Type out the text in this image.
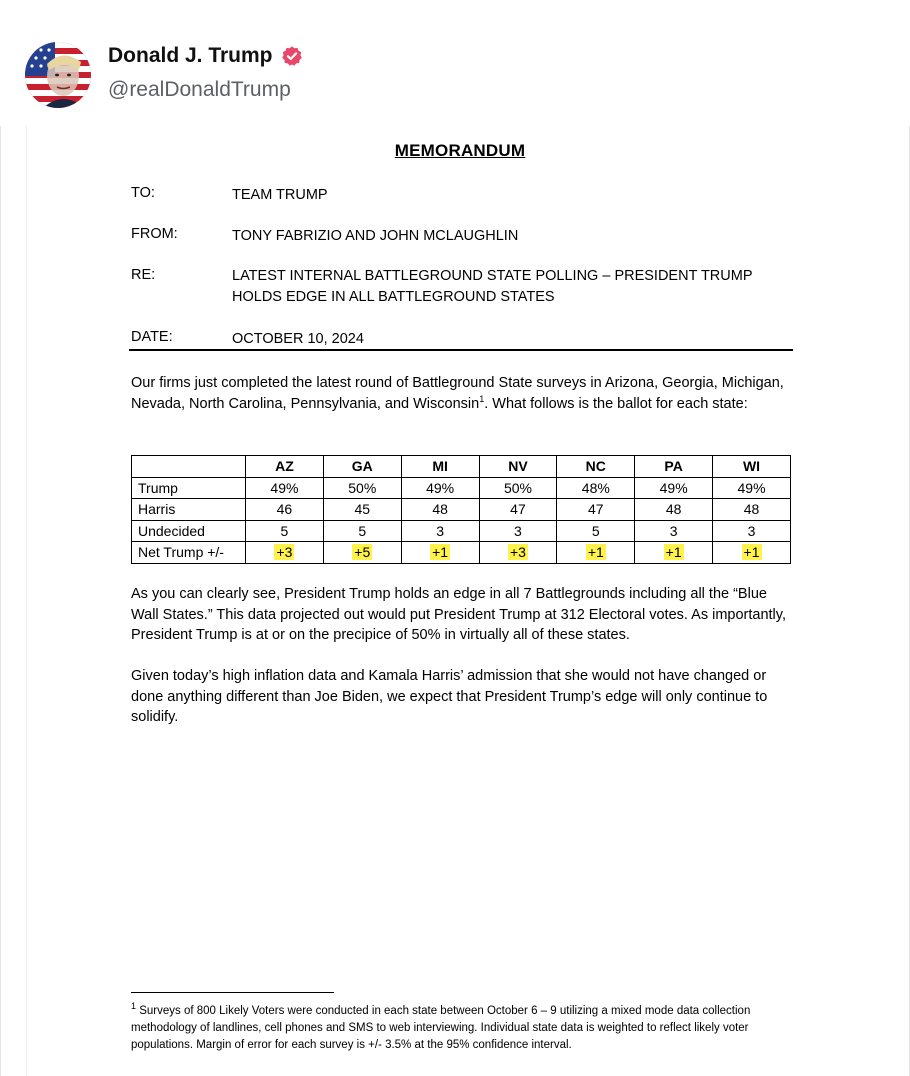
Donald J. Trump
@realDonaldTrump
MEMORANDUM
TO:	TEAM TRUMP
FROM:	TONY FABRIZIO AND JOHN MCLAUGHLIN
RE:	LATEST INTERNAL BATTLEGROUND STATE POLLING – PRESIDENT TRUMP HOLDS EDGE IN ALL BATTLEGROUND STATES
DATE:	OCTOBER 10, 2024
Our firms just completed the latest round of Battleground State surveys in Arizona, Georgia, Michigan, Nevada, North Carolina, Pennsylvania, and Wisconsin$^1$. What follows is the ballot for each state:
	AZ	GA	MI	NV	NC	PA	WI
Trump	49%	50%	49%	50%	48%	49%	49%
Harris	46	45	48	47	47	48	48
Undecided	5	5	3	3	5	3	3
Net Trump +/-	+3	+5	+1	+3	+1	+1	+1
As you can clearly see, President Trump holds an edge in all 7 Battlegrounds including all the “Blue Wall States.” This data projected out would put President Trump at 312 Electoral votes. As importantly, President Trump is at or on the precipice of 50% in virtually all of these states.
Given today’s high inflation data and Kamala Harris’ admission that she would not have changed or done anything different than Joe Biden, we expect that President Trump’s edge will only continue to solidify.
$^1$ Surveys of 800 Likely Voters were conducted in each state between October 6 – 9 utilizing a mixed mode data collection methodology of landlines, cell phones and SMS to web interviewing. Individual state data is weighted to reflect likely voter populations. Margin of error for each survey is +/- 3.5% at the 95% confidence interval.
